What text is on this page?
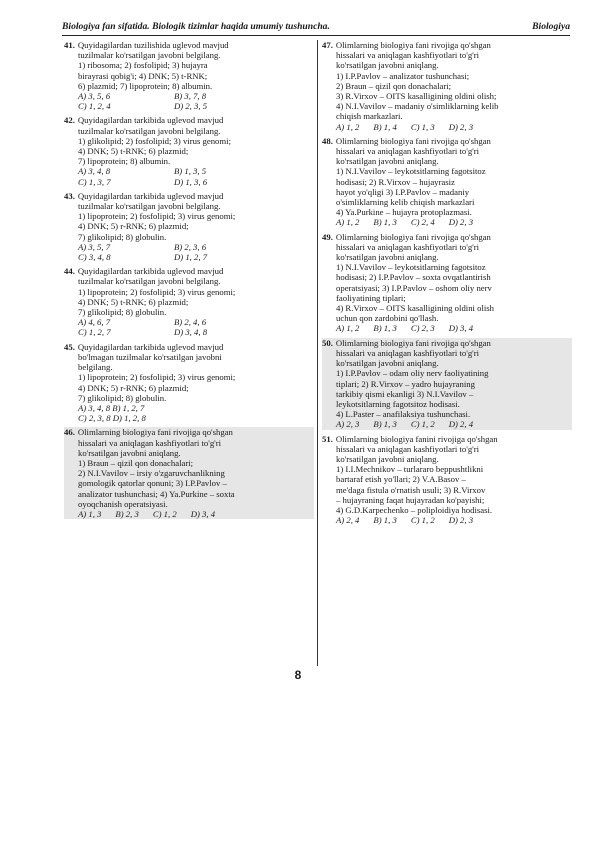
Biologiya fan sifatida. Biologik tizimlar haqida umumiy tushuncha.	Biologiya
41. Quyidagilardan tuzilishida uglevod mavjud
tuzilmalar ko'rsatilgan javobni belgilang.
1) ribosoma; 2) fosfolipid; 3) hujayra
birayrasi qobig'i; 4) DNK; 5) t-RNK;
6) plazmid; 7) lipoprotein; 8) albumin.
A) 3, 5, 6	B) 3, 7, 8
C) 1, 2, 4	D) 2, 3, 5
42. Quyidagilardan tarkibida uglevod mavjud
tuzilmalar ko'rsatilgan javobni belgilang.
1) glikolipid; 2) fosfolipid; 3) virus genomi;
4) DNK; 5) t-RNK; 6) plazmid;
7) lipoprotein; 8) albumin.
A) 3, 4, 8	B) 1, 3, 5
C) 1, 3, 7	D) 1, 3, 6
43. Quyidagilardan tarkibida uglevod mavjud
tuzilmalar ko'rsatilgan javobni belgilang.
1) lipoprotein; 2) fosfolipid; 3) virus genomi;
4) DNK; 5) r-RNK; 6) plazmid;
7) glikolipid; 8) globulin.
A) 3, 5, 7	B) 2, 3, 6
C) 3, 4, 8	D) 1, 2, 7
44. Quyidagilardan tarkibida uglevod mavjud
tuzilmalar ko'rsatilgan javobni belgilang.
1) lipoprotein; 2) fosfolipid; 3) virus genomi;
4) DNK; 5) t-RNK; 6) plazmid;
7) glikolipid; 8) globulin.
A) 4, 6, 7	B) 2, 4, 6
C) 1, 2, 7	D) 3, 4, 8
45. Quyidagilardan tarkibida uglevod mavjud
bo'lmagan tuzilmalar ko'rsatilgan javobni
belgilang.
1) lipoprotein; 2) fosfolipid; 3) virus genomi;
4) DNK; 5) r-RNK; 6) plazmid;
7) glikolipid; 8) globulin.
A) 3, 4, 8 B) 1, 2, 7
C) 2, 3, 8 D) 1, 2, 8
46. Olimlarning biologiya fani rivojiga qo'shgan
hissalari va aniqlagan kashfiyotlari to'g'ri
ko'rsatilgan javobni aniqlang.
1) Braun – qizil qon donachalari;
2) N.I.Vavilov – irsiy o'zgaruvchanlikning
gomologik qatorlar qonuni; 3) I.P.Pavlov –
analizator tushunchasi; 4) Ya.Purkine – soxta
oyoqchanish operatsiyasi.
A) 1, 3 B) 2, 3 C) 1, 2 D) 3, 4
47. Olimlarning biologiya fani rivojiga qo'shgan
hissalari va aniqlagan kashfiyotlari to'g'ri
ko'rsatilgan javobni aniqlang.
1) I.P.Pavlov – analizator tushunchasi;
2) Braun – qizil qon donachalari;
3) R.Virxov – OITS kasalligining oldini olish;
4) N.I.Vavilov – madaniy o'simliklarning kelib
chiqish markazlari.
A) 1, 2 B) 1, 4 C) 1, 3 D) 2, 3
48. Olimlarning biologiya fani rivojiga qo'shgan
hissalari va aniqlagan kashfiyotlari to'g'ri
ko'rsatilgan javobni aniqlang.
1) N.I.Vavilov – leykotsitlarning fagotsitoz
hodisasi; 2) R.Virxov – hujayrasiz
hayot yo'qligi 3) I.P.Pavlov – madaniy
o'simliklarning kelib chiqish markazlari
4) Ya.Purkine – hujayra protoplazmasi.
A) 1, 2 B) 1, 3 C) 2, 4 D) 2, 3
49. Olimlarning biologiya fani rivojiga qo'shgan
hissalari va aniqlagan kashfiyotlari to'g'ri
ko'rsatilgan javobni aniqlang.
1) N.I.Vavilov – leykotsitlarning fagotsitoz
hodisasi; 2) I.P.Pavlov – soxta ovqatlantirish
operatsiyasi; 3) I.P.Pavlov – oshom oliy nerv
faoliyatining tiplari;
4) R.Virxov – OITS kasalligining oldini olish
uchun qon zardobini qo'llash.
A) 1, 2 B) 1, 3 C) 2, 3 D) 3, 4
50. Olimlarning biologiya fani rivojiga qo'shgan
hissalari va aniqlagan kashfiyotlari to'g'ri
ko'rsatilgan javobni aniqlang.
1) I.P.Pavlov – odam oliy nerv faoliyatining
tiplari; 2) R.Virxov – yadro hujayraning
tarkibiy qismi ekanligi 3) N.I.Vavilov –
leykotsitlarning fagotsitoz hodisasi.
4) L.Paster – anafilaksiya tushunchasi.
A) 2, 3 B) 1, 3 C) 1, 2 D) 2, 4
51. Olimlarning biologiya fanini rivojiga qo'shgan
hissalari va aniqlagan kashfiyotlari to'g'ri
ko'rsatilgan javobni aniqlang.
1) I.I.Mechnikov – turlararo beppushtlikni
bartaraf etish yo'llari; 2) V.A.Basov –
me'daga fistula o'rnatish usuli; 3) R.Virxov
– hujayraning faqat hujayradan ko'payishi;
4) G.D.Karpechenko – poliploidiya hodisasi.
A) 2, 4 B) 1, 3 C) 1, 2 D) 2, 3
8
